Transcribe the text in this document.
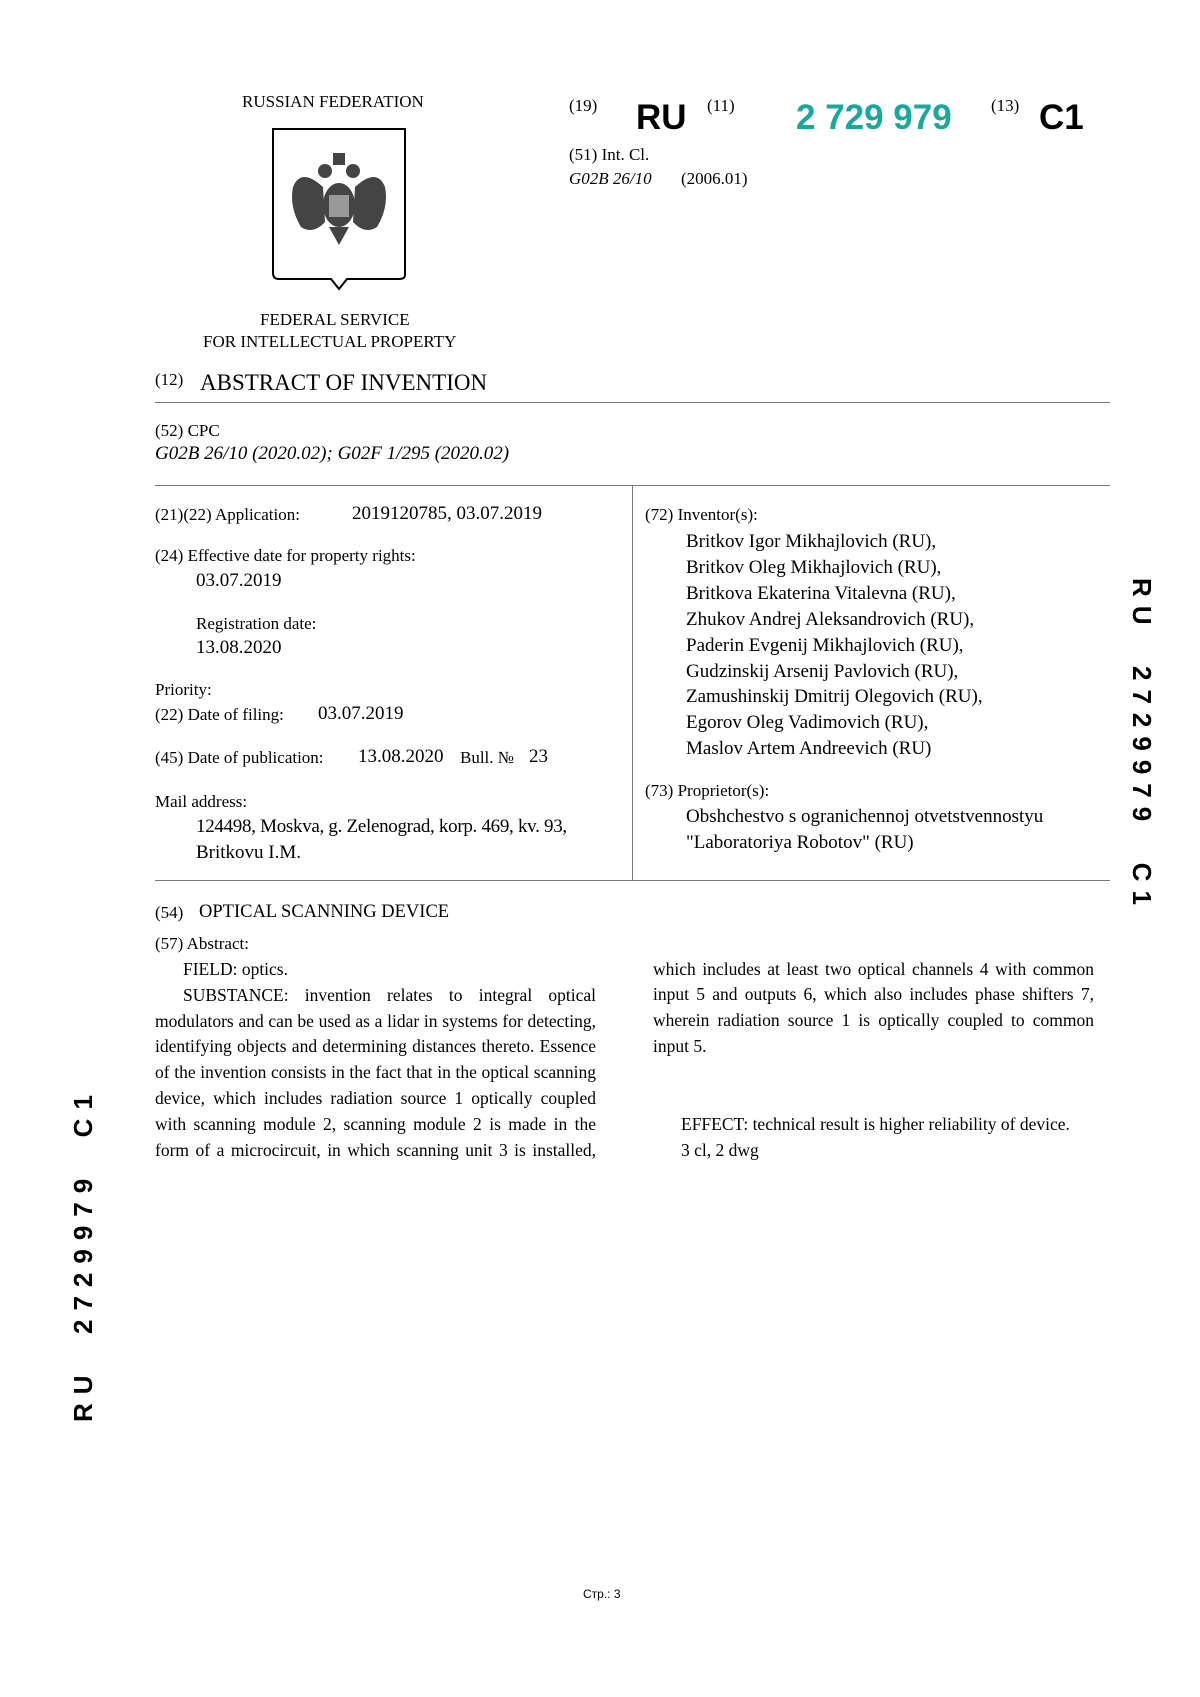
RUSSIAN FEDERATION
FEDERAL SERVICE
FOR INTELLECTUAL PROPERTY
(19) RU (11) 2 729 979 (13) C1
(51) Int. Cl.
G02B 26/10 (2006.01)
(12) ABSTRACT OF INVENTION
(52) CPC
G02B 26/10 (2020.02); G02F 1/295 (2020.02)
(21)(22) Application:	2019120785, 03.07.2019
(24) Effective date for property rights:
03.07.2019
Registration date:
13.08.2020
Priority:
(22) Date of filing: 03.07.2019
(45) Date of publication: 13.08.2020 Bull. № 23
Mail address:
124498, Moskva, g. Zelenograd, korp. 469, kv. 93,
Britkovu I.M.
(72) Inventor(s):
Britkov Igor Mikhajlovich (RU),
Britkov Oleg Mikhajlovich (RU),
Britkova Ekaterina Vitalevna (RU),
Zhukov Andrej Aleksandrovich (RU),
Paderin Evgenij Mikhajlovich (RU),
Gudzinskij Arsenij Pavlovich (RU),
Zamushinskij Dmitrij Olegovich (RU),
Egorov Oleg Vadimovich (RU),
Maslov Artem Andreevich (RU)
(73) Proprietor(s):
Obshchestvo s ogranichennoj otvetstvennostyu
"Laboratoriya Robotov" (RU)
(54) OPTICAL SCANNING DEVICE
(57) Abstract:

FIELD: optics.

SUBSTANCE: invention relates to integral optical modulators and can be used as a lidar in systems for detecting, identifying objects and determining distances thereto. Essence of the invention consists in the fact that in the optical scanning device, which includes radiation source 1 optically coupled with scanning module 2, scanning module 2 is made in the form of a microcircuit, in which scanning unit 3 is installed,

which includes at least two optical channels 4 with common input 5 and outputs 6, which also includes phase shifters 7, wherein radiation source 1 is optically coupled to common input 5.

EFFECT: technical result is higher reliability of device.

3 cl, 2 dwg

RU  2729979  C1
RU  2729979  C1
Стр.: 3
